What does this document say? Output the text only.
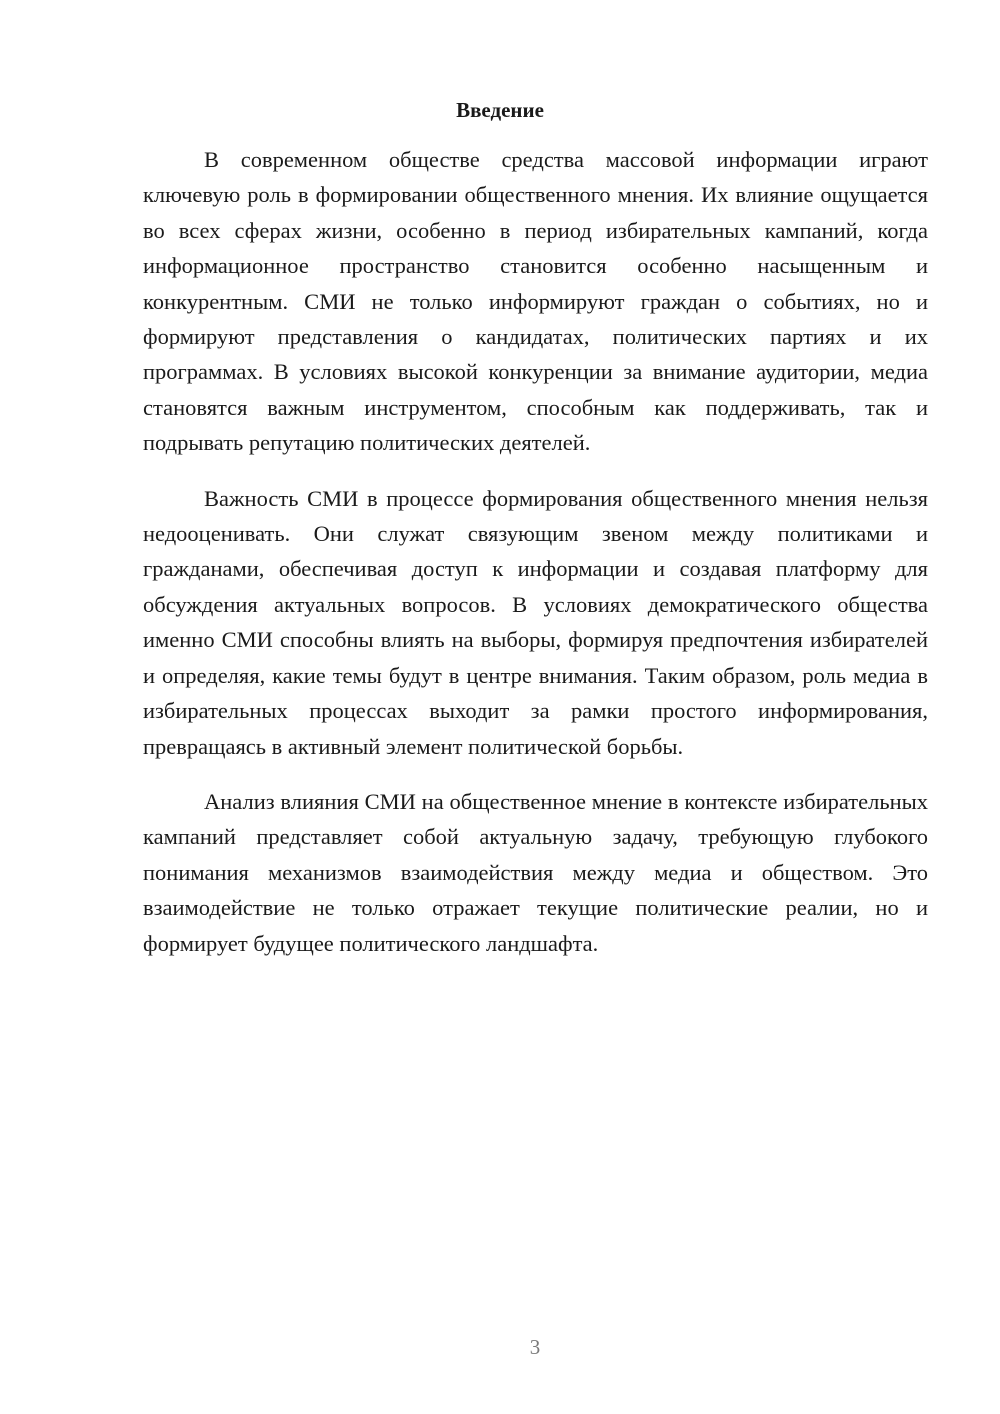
Введение

В современном обществе средства массовой информации играют ключевую роль в формировании общественного мнения. Их влияние ощущается во всех сферах жизни, особенно в период избирательных кампаний, когда информационное пространство становится особенно насыщенным и конкурентным. СМИ не только информируют граждан о событиях, но и формируют представления о кандидатах, политических партиях и их программах. В условиях высокой конкуренции за внимание аудитории, медиа становятся важным инструментом, способным как поддерживать, так и подрывать репутацию политических деятелей.

Важность СМИ в процессе формирования общественного мнения нельзя недооценивать. Они служат связующим звеном между политиками и гражданами, обеспечивая доступ к информации и создавая платформу для обсуждения актуальных вопросов. В условиях демократического общества именно СМИ способны влиять на выборы, формируя предпочтения избирателей и определяя, какие темы будут в центре внимания. Таким образом, роль медиа в избирательных процессах выходит за рамки простого информирования, превращаясь в активный элемент политической борьбы.

Анализ влияния СМИ на общественное мнение в контексте избирательных кампаний представляет собой актуальную задачу, требующую глубокого понимания механизмов взаимодействия между медиа и обществом. Это взаимодействие не только отражает текущие политические реалии, но и формирует будущее политического ландшафта.

3
